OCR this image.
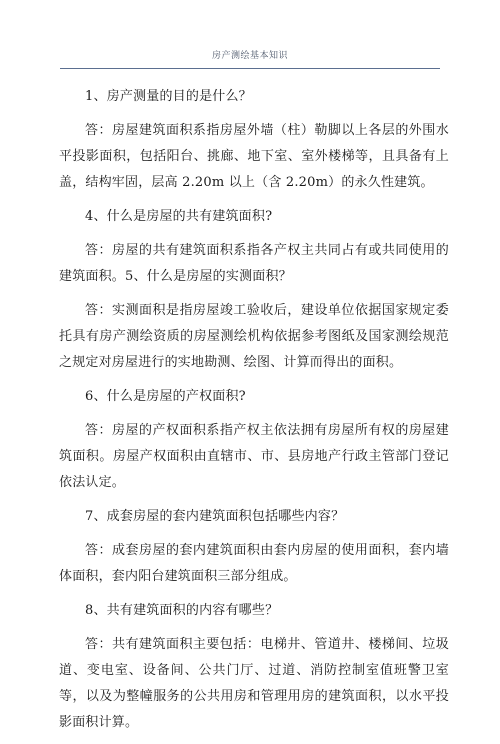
房产测绘基本知识

1、房产测量的目的是什么？

答：房屋建筑面积系指房屋外墙（柱）勒脚以上各层的外围水平投影面积，包括阳台、挑廊、地下室、室外楼梯等，且具备有上盖，结构牢固，层高 2.20m 以上（含 2.20m）的永久性建筑。

4、什么是房屋的共有建筑面积?

答：房屋的共有建筑面积系指各产权主共同占有或共同使用的建筑面积。5、什么是房屋的实测面积？

答：实测面积是指房屋竣工验收后，建设单位依据国家规定委托具有房产测绘资质的房屋测绘机构依据参考图纸及国家测绘规范之规定对房屋进行的实地勘测、绘图、计算而得出的面积。

6、什么是房屋的产权面积?

答：房屋的产权面积系指产权主依法拥有房屋所有权的房屋建筑面积。房屋产权面积由直辖市、市、县房地产行政主管部门登记依法认定。

7、成套房屋的套内建筑面积包括哪些内容？

答：成套房屋的套内建筑面积由套内房屋的使用面积，套内墙体面积，套内阳台建筑面积三部分组成。

8、共有建筑面积的内容有哪些？

答：共有建筑面积主要包括：电梯井、管道井、楼梯间、垃圾道、变电室、设备间、公共门厅、过道、消防控制室值班警卫室等，以及为整幢服务的公共用房和管理用房的建筑面积，以水平投影面积计算。
